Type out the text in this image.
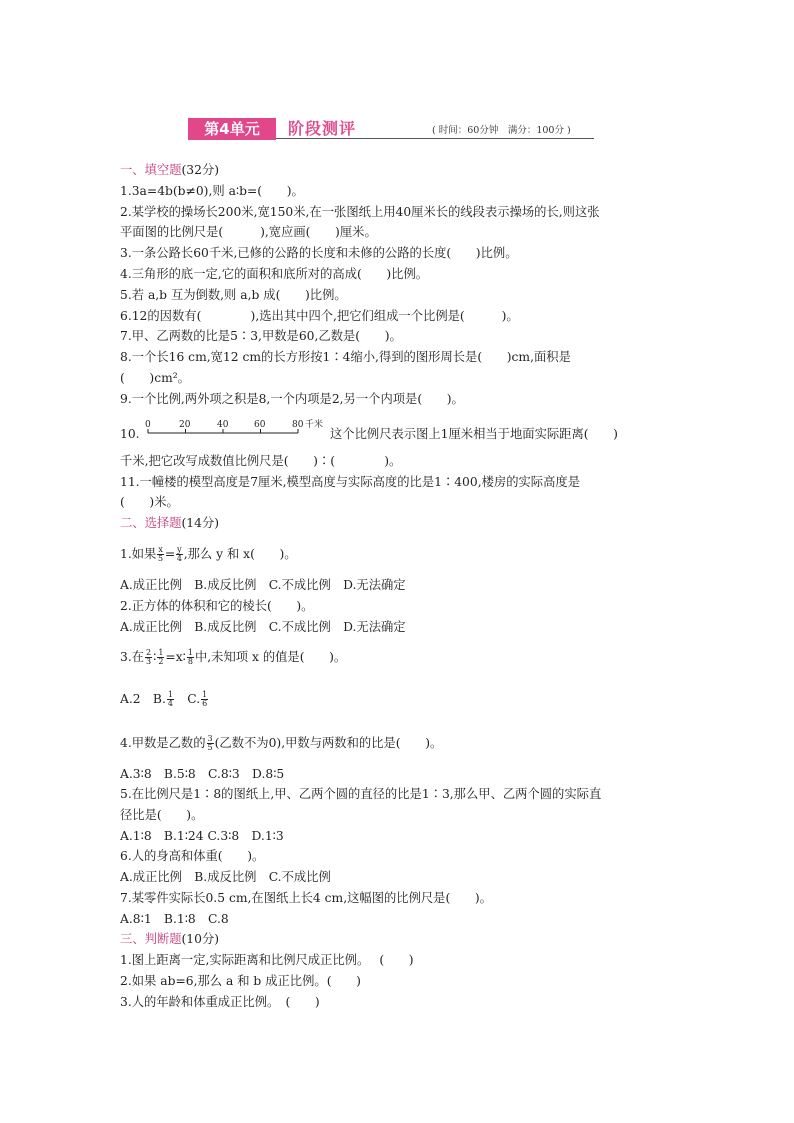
第4单元	阶段测评	( 时间：60分钟　满分：100分 )
一、填空题(32分)
1.3a=4b(b≠0),则 a∶b=(　　)。
2.某学校的操场长200米,宽150米,在一张图纸上用40厘米长的线段表示操场的长,则这张
平面图的比例尺是(　　　),宽应画(　　)厘米。
3.一条公路长60千米,已修的公路的长度和未修的公路的长度(　　)比例。
4.三角形的底一定,它的面积和底所对的高成(　　)比例。
5.若 a,b 互为倒数,则 a,b 成(　　)比例。
6.12的因数有(　　　　),选出其中四个,把它们组成一个比例是(　　　)。
7.甲、乙两数的比是5∶3,甲数是60,乙数是(　　)。
8.一个长16 cm,宽12 cm的长方形按1∶4缩小,得到的图形周长是(　　)cm,面积是
(　　)cm²。
9.一个比例,两外项之积是8,一个内项是2,另一个内项是(　　)。
10.
0	20	40	60	80 千米
这个比例尺表示图上1厘米相当于地面实际距离(　　)
千米,把它改写成数值比例尺是(　　)∶(　　　　)。
11.一幢楼的模型高度是7厘米,模型高度与实际高度的比是1∶400,楼房的实际高度是
(　　)米。
二、选择题(14分)
1.如果 $\frac{x}{5} = \frac{y}{4}$ ,那么 y 和 x(　　)。
A.成正比例　B.成反比例　C.不成比例　D.无法确定
2.正方体的体积和它的棱长(　　)。
A.成正比例　B.成反比例　C.不成比例　D.无法确定
3.在 $\frac{2}{3}$ ∶ $\frac{1}{2}$ =x∶ $\frac{1}{8}$ 中,未知项 x 的值是(　　)。
A.2　B. $\frac{1}{4}$ 　C. $\frac{1}{6}$
4.甲数是乙数的 $\frac{3}{5}$ (乙数不为0),甲数与两数和的比是(　　)。
A.3∶8　B.5∶8　C.8∶3　D.8∶5
5.在比例尺是1∶8的图纸上,甲、乙两个圆的直径的比是1∶3,那么甲、乙两个圆的实际直
径比是(　　)。
A.1∶8　B.1∶24 C.3∶8　D.1∶3
6.人的身高和体重(　　)。
A.成正比例　B.成反比例　C.不成比例
7.某零件实际长0.5 cm,在图纸上长4 cm,这幅图的比例尺是(　　)。
A.8∶1　B.1∶8　C.8
三、判断题(10分)
1.图上距离一定,实际距离和比例尺成正比例。　 (　　)
2.如果 ab=6,那么 a 和 b 成正比例。(　　)
3.人的年龄和体重成正比例。　(　　)
